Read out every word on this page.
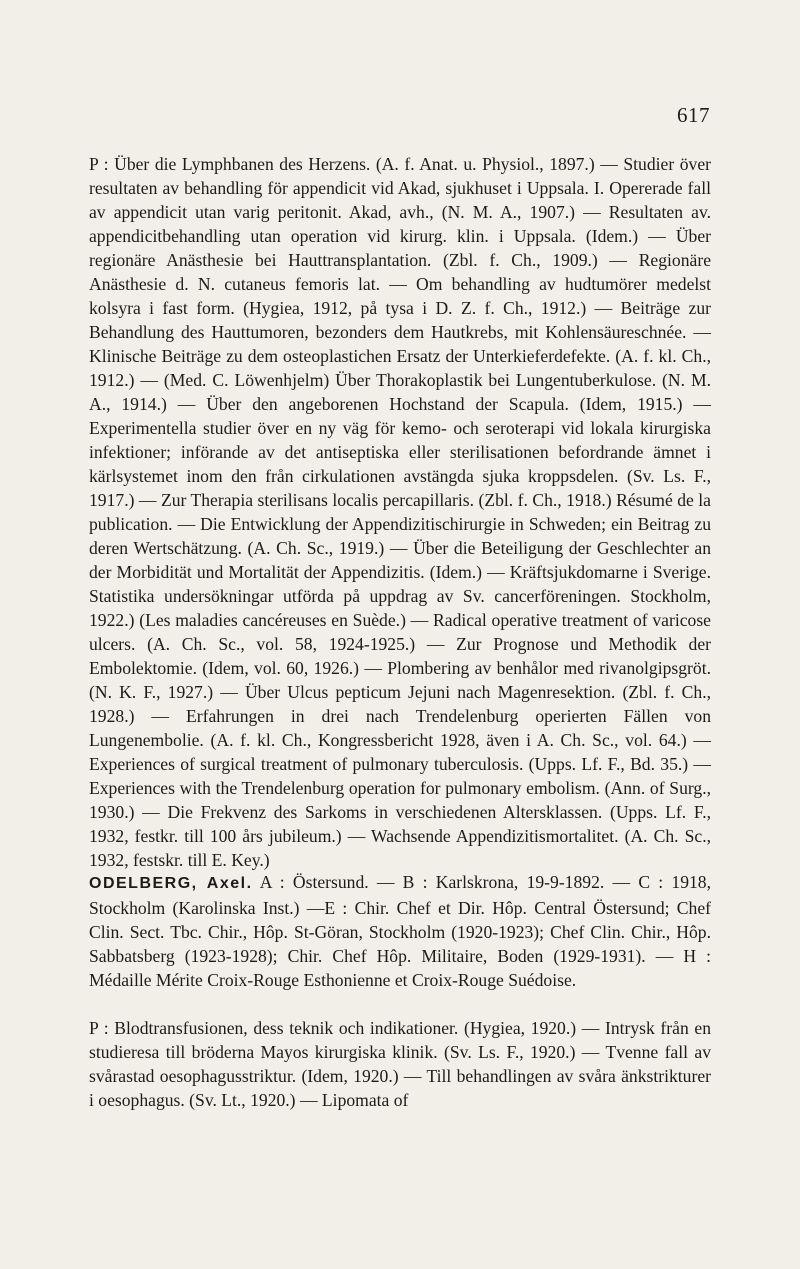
617

P : Über die Lymphbanen des Herzens. (A. f. Anat. u. Physiol., 1897.) — Studier över resultaten av behandling för appendicit vid Akad, sjukhuset i Uppsala. I. Opererade fall av appendicit utan varig peritonit. Akad, avh., (N. M. A., 1907.) — Resultaten av. appendicitbehandling utan operation vid kirurg. klin. i Uppsala. (Idem.) — Über regionäre Anästhesie bei Hauttransplantation. (Zbl. f. Ch., 1909.) — Regionäre Anästhesie d. N. cutaneus femoris lat. — Om behandling av hudtumörer medelst kolsyra i fast form. (Hygiea, 1912, på tysa i D. Z. f. Ch., 1912.) — Beiträge zur Behandlung des Hauttumoren, bezonders dem Hautkrebs, mit Kohlensäureschnée. — Klinische Beiträge zu dem osteoplastichen Ersatz der Unterkieferdefekte. (A. f. kl. Ch., 1912.) — (Med. C. Löwenhjelm) Über Thorakoplastik bei Lungentuberkulose. (N. M. A., 1914.) — Über den angeborenen Hochstand der Scapula. (Idem, 1915.) — Experimentella studier över en ny väg för kemo- och seroterapi vid lokala kirurgiska infektioner; införande av det antiseptiska eller sterilisationen befordrande ämnet i kärlsystemet inom den från cirkulationen avstängda sjuka kroppsdelen. (Sv. Ls. F., 1917.) — Zur Therapia sterilisans localis percapillaris. (Zbl. f. Ch., 1918.) Résumé de la publication. — Die Entwicklung der Appendizitischirurgie in Schweden; ein Beitrag zu deren Wertschätzung. (A. Ch. Sc., 1919.) — Über die Beteiligung der Geschlechter an der Morbidität und Mortalität der Appendizitis. (Idem.) — Kräftsjukdomarne i Sverige. Statistika undersökningar utförda på uppdrag av Sv. cancerföreningen. Stockholm, 1922.) (Les maladies cancéreuses en Suède.) — Radical operative treatment of varicose ulcers. (A. Ch. Sc., vol. 58, 1924-1925.) — Zur Prognose und Methodik der Embolektomie. (Idem, vol. 60, 1926.) — Plombering av benhålor med rivanolgipsgröt. (N. K. F., 1927.) — Über Ulcus pepticum Jejuni nach Magenresektion. (Zbl. f. Ch., 1928.) — Erfahrungen in drei nach Trendelenburg operierten Fällen von Lungenembolie. (A. f. kl. Ch., Kongressbericht 1928, även i A. Ch. Sc., vol. 64.) — Experiences of surgical treatment of pulmonary tuberculosis. (Upps. Lf. F., Bd. 35.) — Experiences with the Trendelenburg operation for pulmonary embolism. (Ann. of Surg., 1930.) — Die Frekvenz des Sarkoms in verschiedenen Altersklassen. (Upps. Lf. F., 1932, festkr. till 100 års jubileum.) — Wachsende Appendizitismortalitet. (A. Ch. Sc., 1932, festskr. till E. Key.)

ODELBERG, Axel. A : Östersund. — B : Karlskrona, 19-9-1892. — C : 1918, Stockholm (Karolinska Inst.) —E : Chir. Chef et Dir. Hôp. Central Östersund; Chef Clin. Sect. Tbc. Chir., Hôp. St-Göran, Stockholm (1920-1923); Chef Clin. Chir., Hôp. Sabbatsberg (1923-1928); Chir. Chef Hôp. Militaire, Boden (1929-1931). — H : Médaille Mérite Croix-Rouge Esthonienne et Croix-Rouge Suédoise.

P : Blodtransfusionen, dess teknik och indikationer. (Hygiea, 1920.) — Intrysk från en studieresa till bröderna Mayos kirurgiska klinik. (Sv. Ls. F., 1920.) — Tvenne fall av svårastad oesophagusstriktur. (Idem, 1920.) — Till behandlingen av svåra änkstrikturer i oesophagus. (Sv. Lt., 1920.) — Lipomata of
